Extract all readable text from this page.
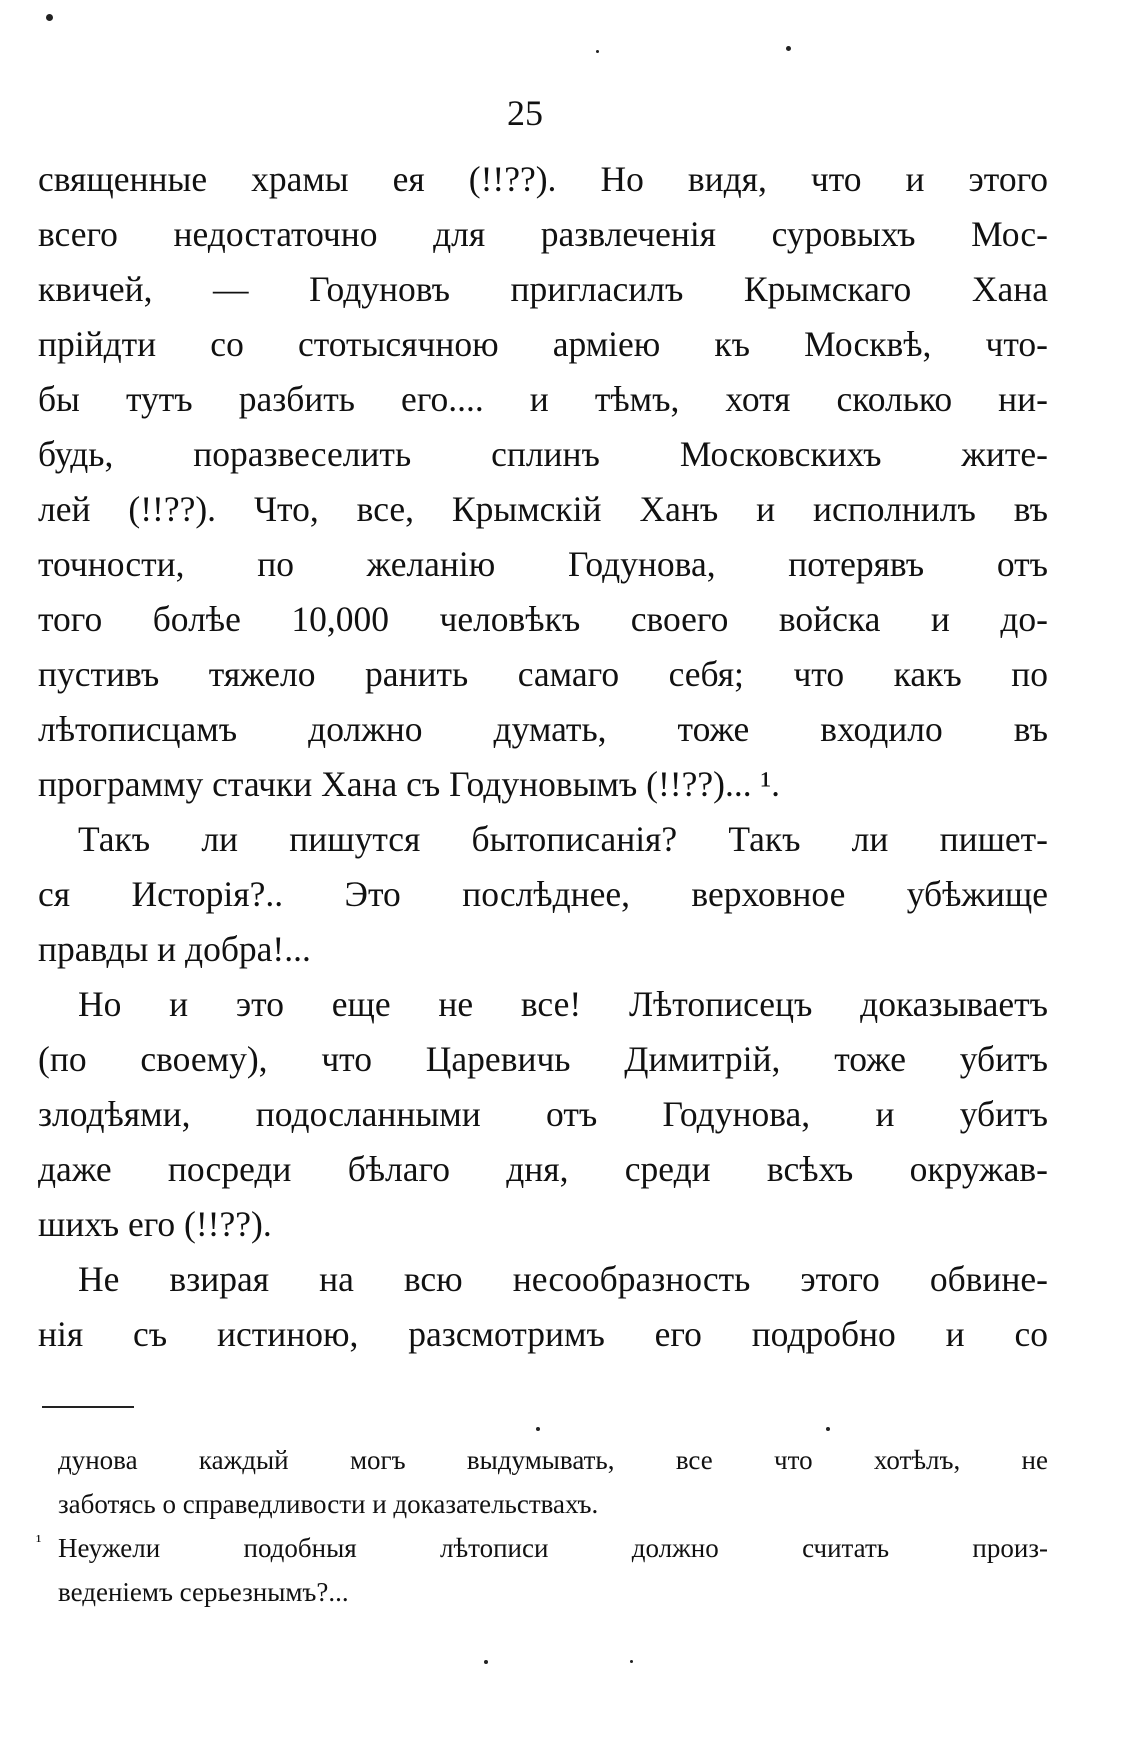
25
священные храмы ея (!!??). Но видя, что и этого
всего недостаточно для развлеченія суровыхъ Мос-
квичей, — Годуновъ пригласилъ Крымскаго Хана
прійдти со стотысячною арміею къ Москвѣ, что-
бы тутъ разбить его.... и тѣмъ, хотя сколько ни-
будь, поразвеселить сплинъ Московскихъ жите-
лей (!!??). Что, все, Крымскій Ханъ и исполнилъ въ
точности, по желанію Годунова, потерявъ отъ
того болѣе 10,000 человѣкъ своего войска и до-
пустивъ тяжело ранить самаго себя; что какъ по
лѣтописцамъ должно думать, тоже входило въ
программу стачки Хана съ Годуновымъ (!!??)... ¹.
Такъ ли пишутся бытописанія? Такъ ли пишет-
ся Исторія?.. Это послѣднее, верховное убѣжище
правды и добра!...
Но и это еще не все! Лѣтописецъ доказываетъ
(по своему), что Царевичь Димитрій, тоже убитъ
злодѣями, подосланными отъ Годунова, и убитъ
даже посреди бѣлаго дня, среди всѣхъ окружав-
шихъ его (!!??).
Не взирая на всю несообразность этого обвине-
нія съ истиною, разсмотримъ его подробно и со
дунова каждый могъ выдумывать, все что хотѣлъ, не
заботясь о справедливости и доказательствахъ.
¹ Неужели подобныя лѣтописи должно считать произ-
веденіемъ серьезнымъ?...
